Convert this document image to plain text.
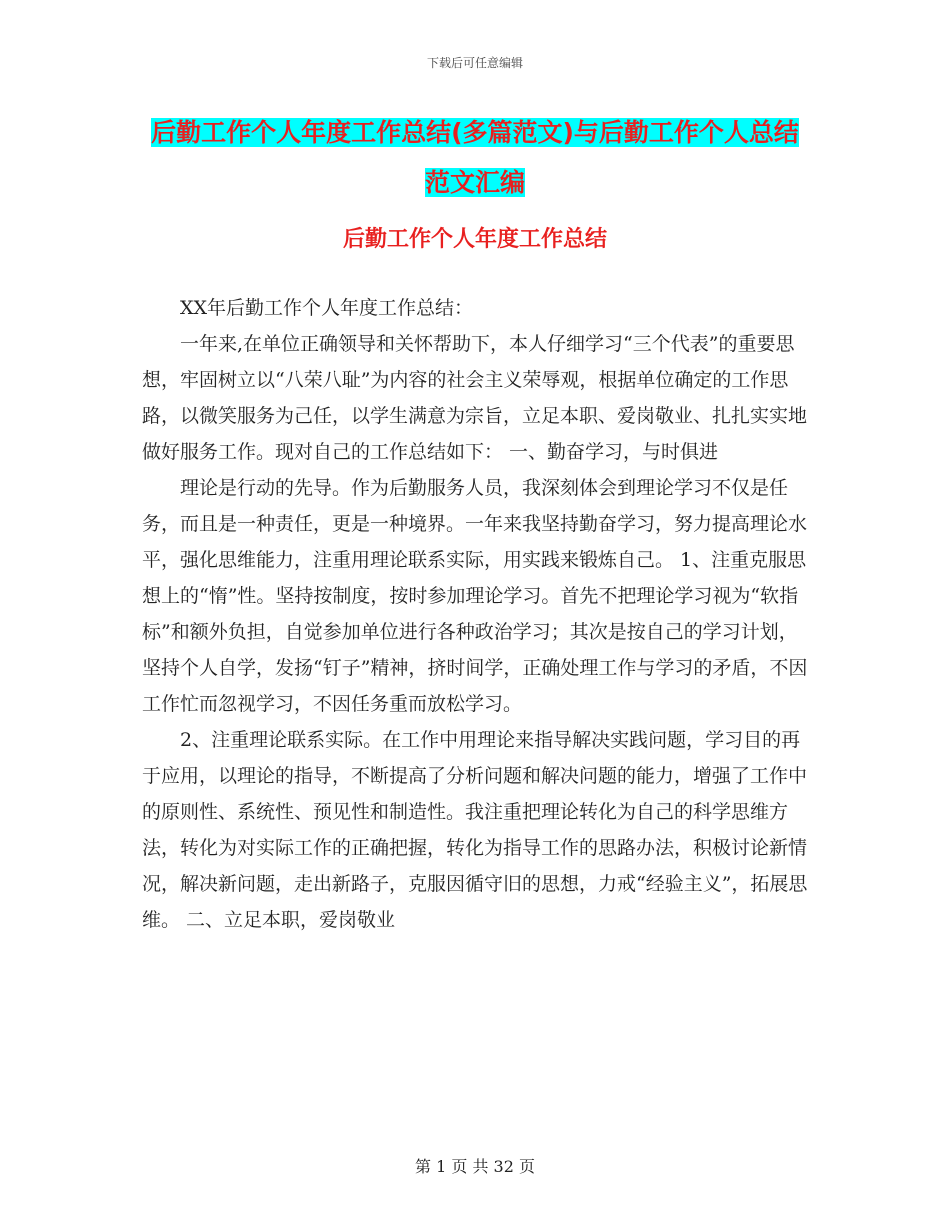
下载后可任意编辑
后勤工作个人年度工作总结(多篇范文)与后勤工作个人总结范文汇编
后勤工作个人年度工作总结

XX年后勤工作个人年度工作总结：

一年来,在单位正确领导和关怀帮助下，本人仔细学习“三个代表”的重要思想，牢固树立以“八荣八耻”为内容的社会主义荣辱观，根据单位确定的工作思路，以微笑服务为己任，以学生满意为宗旨，立足本职、爱岗敬业、扎扎实实地做好服务工作。现对自己的工作总结如下： 一、勤奋学习，与时俱进

理论是行动的先导。作为后勤服务人员，我深刻体会到理论学习不仅是任务，而且是一种责任，更是一种境界。一年来我坚持勤奋学习，努力提高理论水平，强化思维能力，注重用理论联系实际，用实践来锻炼自己。 1、注重克服思想上的“惰”性。坚持按制度，按时参加理论学习。首先不把理论学习视为“软指标”和额外负担，自觉参加单位进行各种政治学习；其次是按自己的学习计划，坚持个人自学，发扬“钉子”精神，挤时间学，正确处理工作与学习的矛盾，不因工作忙而忽视学习，不因任务重而放松学习。

2、注重理论联系实际。在工作中用理论来指导解决实践问题，学习目的再于应用，以理论的指导，不断提高了分析问题和解决问题的能力，增强了工作中的原则性、系统性、预见性和制造性。我注重把理论转化为自己的科学思维方法，转化为对实际工作的正确把握，转化为指导工作的思路办法，积极讨论新情况，解决新问题，走出新路子，克服因循守旧的思想，力戒“经验主义”，拓展思维。 二、立足本职，爱岗敬业

第 1 页 共 32 页
